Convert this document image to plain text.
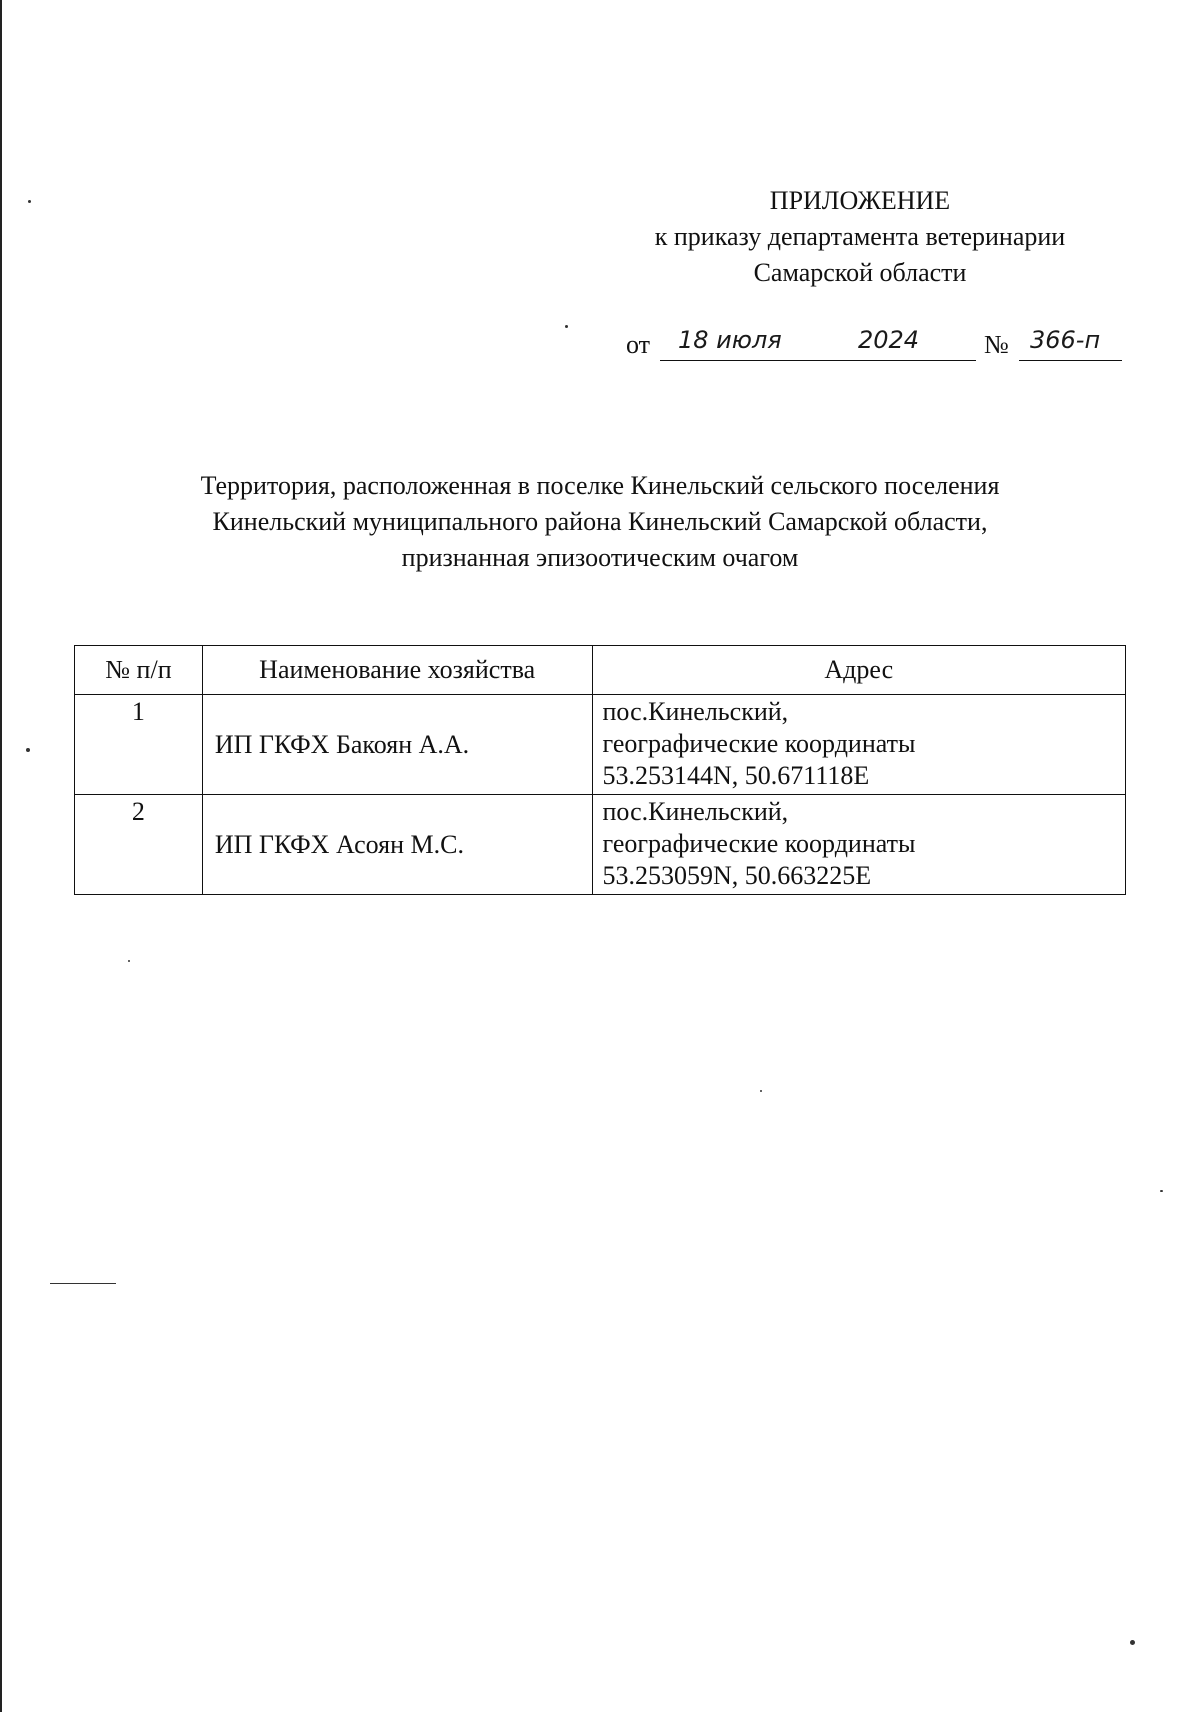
ПРИЛОЖЕНИЕ
к приказу департамента ветеринарии
Самарской области
от 18 июля	2024 № 366-п
Территория, расположенная в поселке Кинельский сельского поселения
Кинельский муниципального района Кинельский Самарской области,
признанная эпизоотическим очагом
№ п/п	Наименование хозяйства	Адрес
1	ИП ГКФХ Бакоян А.А.	пос.Кинельский,
географические координаты
53.253144N, 50.671118E

2	ИП ГКФХ Асоян М.С.	пос.Кинельский,
географические координаты
53.253059N, 50.663225E
